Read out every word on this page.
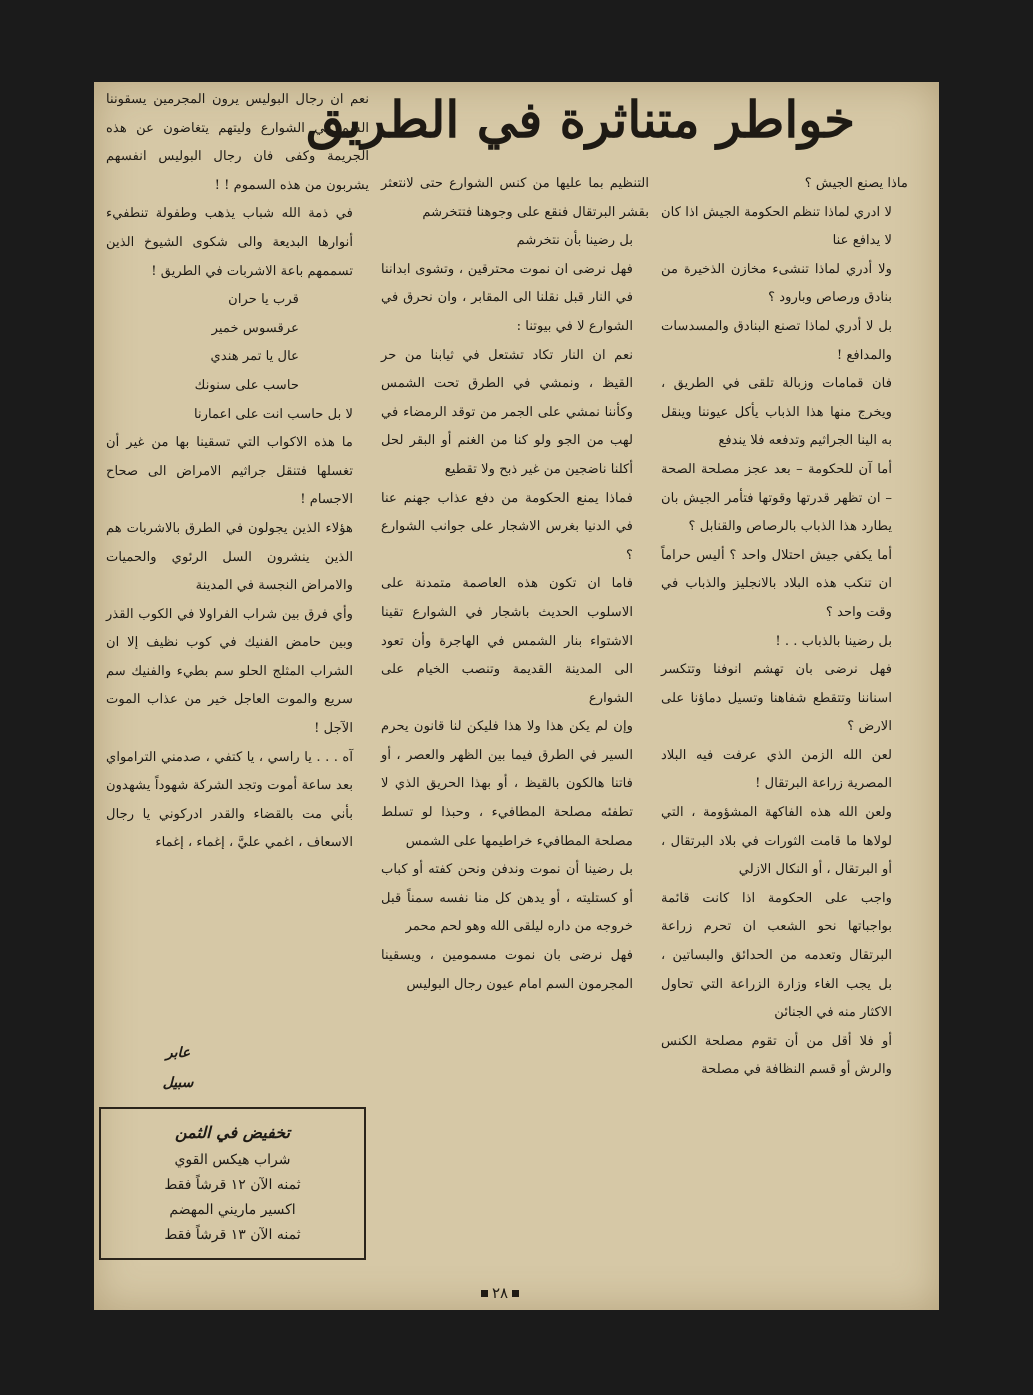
خواطر متناثرة في الطريق

ماذا يصنع الجيش ؟

لا ادري لماذا تنظم الحكومة الجيش اذا كان لا يدافع عنا

ولا أدري لماذا تنشىء مخازن الذخيرة من بنادق ورصاص وبارود ؟

بل لا أدري لماذا تصنع البنادق والمسدسات والمدافع !

فان قمامات وزبالة تلقى في الطريق ، ويخرج منها هذا الذباب يأكل عيوننا وينقل به الينا الجراثيم وتدفعه فلا يندفع

أما آن للحكومة – بعد عجز مصلحة الصحة – ان تظهر قدرتها وقوتها فتأمر الجيش بان يطارد هذا الذباب بالرصاص والقنابل ؟

أما يكفي جيش احتلال واحد ؟ أليس حراماً ان تنكب هذه البلاد بالانجليز والذباب في وقت واحد ؟

بل رضينا بالذباب . . !

فهل نرضى بان تهشم انوفنا وتتكسر اسناننا وتتقطع شفاهنا وتسيل دماؤنا على الارض ؟

لعن الله الزمن الذي عرفت فيه البلاد المصرية زراعة البرتقال !

ولعن الله هذه الفاكهة المشؤومة ، التي لولاها ما قامت الثورات في بلاد البرتقال ، أو البرتقال ، أو النكال الازلي

واجب على الحكومة اذا كانت قائمة بواجباتها نحو الشعب ان تحرم زراعة البرتقال وتعدمه من الحدائق والبساتين ، بل يجب الغاء وزارة الزراعة التي تحاول الاكثار منه في الجنائن

أو فلا أقل من أن تقوم مصلحة الكنس والرش أو قسم النظافة في مصلحة

التنظيم بما عليها من كنس الشوارع حتى لانتعثر بقشر البرتقال فنقع على وجوهنا فتتخرشم

بل رضينا بأن نتخرشم

فهل نرضى ان نموت محترقين ، وتشوى ابداننا في النار قبل نقلنا الى المقابر ، وان نحرق في الشوارع لا في بيوتنا :

نعم ان النار تكاد تشتعل في ثيابنا من حر القيظ ، ونمشي في الطرق تحت الشمس وكأننا نمشي على الجمر من توقد الرمضاء في لهب من الجو ولو كنا من الغنم أو البقر لحل أكلنا ناضجين من غير ذبح ولا تقطيع

فماذا يمنع الحكومة من دفع عذاب جهنم عنا في الدنيا بغرس الاشجار على جوانب الشوارع ؟

فاما ان تكون هذه العاصمة متمدنة على الاسلوب الحديث باشجار في الشوارع تقينا الاشتواء بنار الشمس في الهاجرة وأن تعود الى المدينة القديمة وتنصب الخيام على الشوارع

وإن لم يكن هذا ولا هذا فليكن لنا قانون يحرم السير في الطرق فيما بين الظهر والعصر ، أو فاتنا هالكون بالقيظ ، أو بهذا الحريق الذي لا تطفئه مصلحة المطافيء ، وحبذا لو تسلط مصلحة المطافيء خراطيمها على الشمس

بل رضينا أن نموت وندفن ونحن كفته أو كباب أو كستليته ، أو يدهن كل منا نفسه سمناً قبل خروجه من داره ليلقى الله وهو لحم محمر

فهل نرضى بان نموت مسمومين ، ويسقينا المجرمون السم امام عيون رجال البوليس

نعم ان رجال البوليس يرون المجرمين يسقوننا السم في الشوارع وليتهم يتغاضون عن هذه الجريمة وكفى فان رجال البوليس انفسهم يشربون من هذه السموم ! !

في ذمة الله شباب يذهب وطفولة تنطفيء أنوارها البديعة والى شكوى الشيوخ الذين تسممهم باعة الاشربات في الطريق !

قرب يا حران

عرقسوس خمير

عال يا تمر هندي

حاسب على سنونك

لا بل حاسب انت على اعمارنا

ما هذه الاكواب التي تسقينا بها من غير أن تغسلها فتنقل جراثيم الامراض الى صحاح الاجسام !

هؤلاء الذين يجولون في الطرق بالاشربات هم الذين ينشرون السل الرئوي والحميات والامراض النجسة في المدينة

وأي فرق بين شراب الفراولا في الكوب القذر وبين حامض الفنيك في كوب نظيف إلا ان الشراب المثلج الحلو سم بطيء والفنيك سم سريع والموت العاجل خير من عذاب الموت الآجل !

آه . . . يا راسي ، يا كتفي ، صدمني الترامواي بعد ساعة أموت وتجد الشركة شهوداً يشهدون بأني مت بالقضاء والقدر ادركوني يا رجال الاسعاف ، اغمي عليَّ ، إغماء ، إغماء

عابر سبيل
تخفيض في الثمن
شراب هيكس القوي
ثمنه الآن ١٢ قرشاً فقط
اكسير ماريني المهضم
ثمنه الآن ١٣ قرشاً فقط
٢٨
